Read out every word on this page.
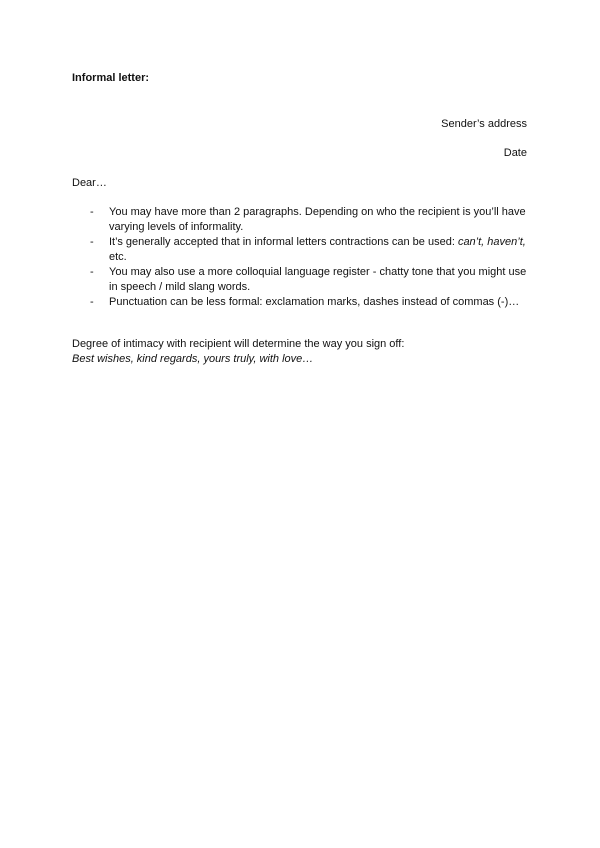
Informal letter:
Sender’s address
Date
Dear…
- You may have more than 2 paragraphs. Depending on who the recipient is you’ll have varying levels of informality.
- It’s generally accepted that in informal letters contractions can be used: can’t, haven’t, etc.
- You may also use a more colloquial language register - chatty tone that you might use in speech / mild slang words.
- Punctuation can be less formal: exclamation marks, dashes instead of commas (-)…
Degree of intimacy with recipient will determine the way you sign off:
Best wishes, kind regards, yours truly, with love…
